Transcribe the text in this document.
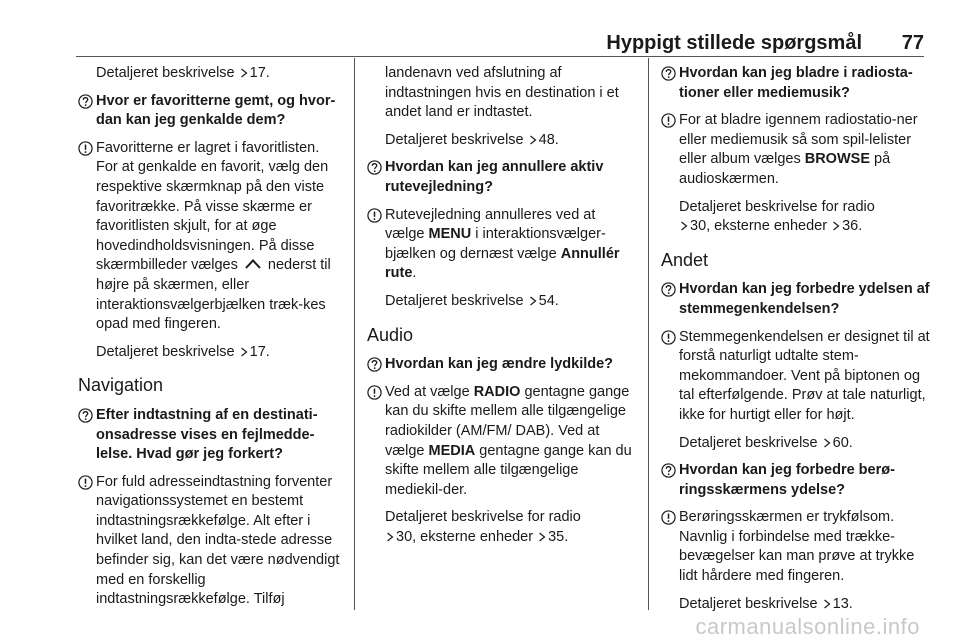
Hyppigt stillede spørgsmål 77
Detaljeret beskrivelse 17.
Hvor er favoritterne gemt, og hvor-dan kan jeg genkalde dem?
Favoritterne er lagret i favoritlisten. For at genkalde en favorit, vælg den respektive skærmknap på den viste favoritrække. På visse skærme er favoritlisten skjult, for at øge hovedindholdsvisningen. På disse skærmbilleder vælges nederst til højre på skærmen, eller interaktionsvælgerbjælken træk-kes opad med fingeren.
Detaljeret beskrivelse 17.
Navigation
Efter indtastning af en destinati-onsadresse vises en fejlmedde-lelse. Hvad gør jeg forkert?
For fuld adresseindtastning forventer navigationssystemet en bestemt indtastningsrækkefølge. Alt efter i hvilket land, den indta-stede adresse befinder sig, kan det være nødvendigt med en forskellig indtastningsrækkefølge. Tilføj
landenavn ved afslutning af indtastningen hvis en destination i et andet land er indtastet.
Detaljeret beskrivelse 48.
Hvordan kan jeg annullere aktiv rutevejledning?
Rutevejledning annulleres ved at vælge MENU i interaktionsvælger-bjælken og dernæst vælge Annullér rute.
Detaljeret beskrivelse 54.
Audio
Hvordan kan jeg ændre lydkilde?
Ved at vælge RADIO gentagne gange kan du skifte mellem alle tilgængelige radiokilder (AM/FM/ DAB). Ved at vælge MEDIA gentagne gange kan du skifte mellem alle tilgængelige mediekil-der.
Detaljeret beskrivelse for radio
30, eksterne enheder 35.
Hvordan kan jeg bladre i radiosta-tioner eller mediemusik?
For at bladre igennem radiostatio-ner eller mediemusik så som spil-lelister eller album vælges BROWSE på audioskærmen.
Detaljeret beskrivelse for radio
30, eksterne enheder 36.
Andet
Hvordan kan jeg forbedre ydelsen af stemmegenkendelsen?
Stemmegenkendelsen er designet til at forstå naturligt udtalte stem-mekommandoer. Vent på biptonen og tal efterfølgende. Prøv at tale naturligt, ikke for hurtigt eller for højt.
Detaljeret beskrivelse 60.
Hvordan kan jeg forbedre berø-ringsskærmens ydelse?
Berøringsskærmen er trykfølsom. Navnlig i forbindelse med trække-bevægelser kan man prøve at trykke lidt hårdere med fingeren.
Detaljeret beskrivelse 13.
carmanualsonline.info
